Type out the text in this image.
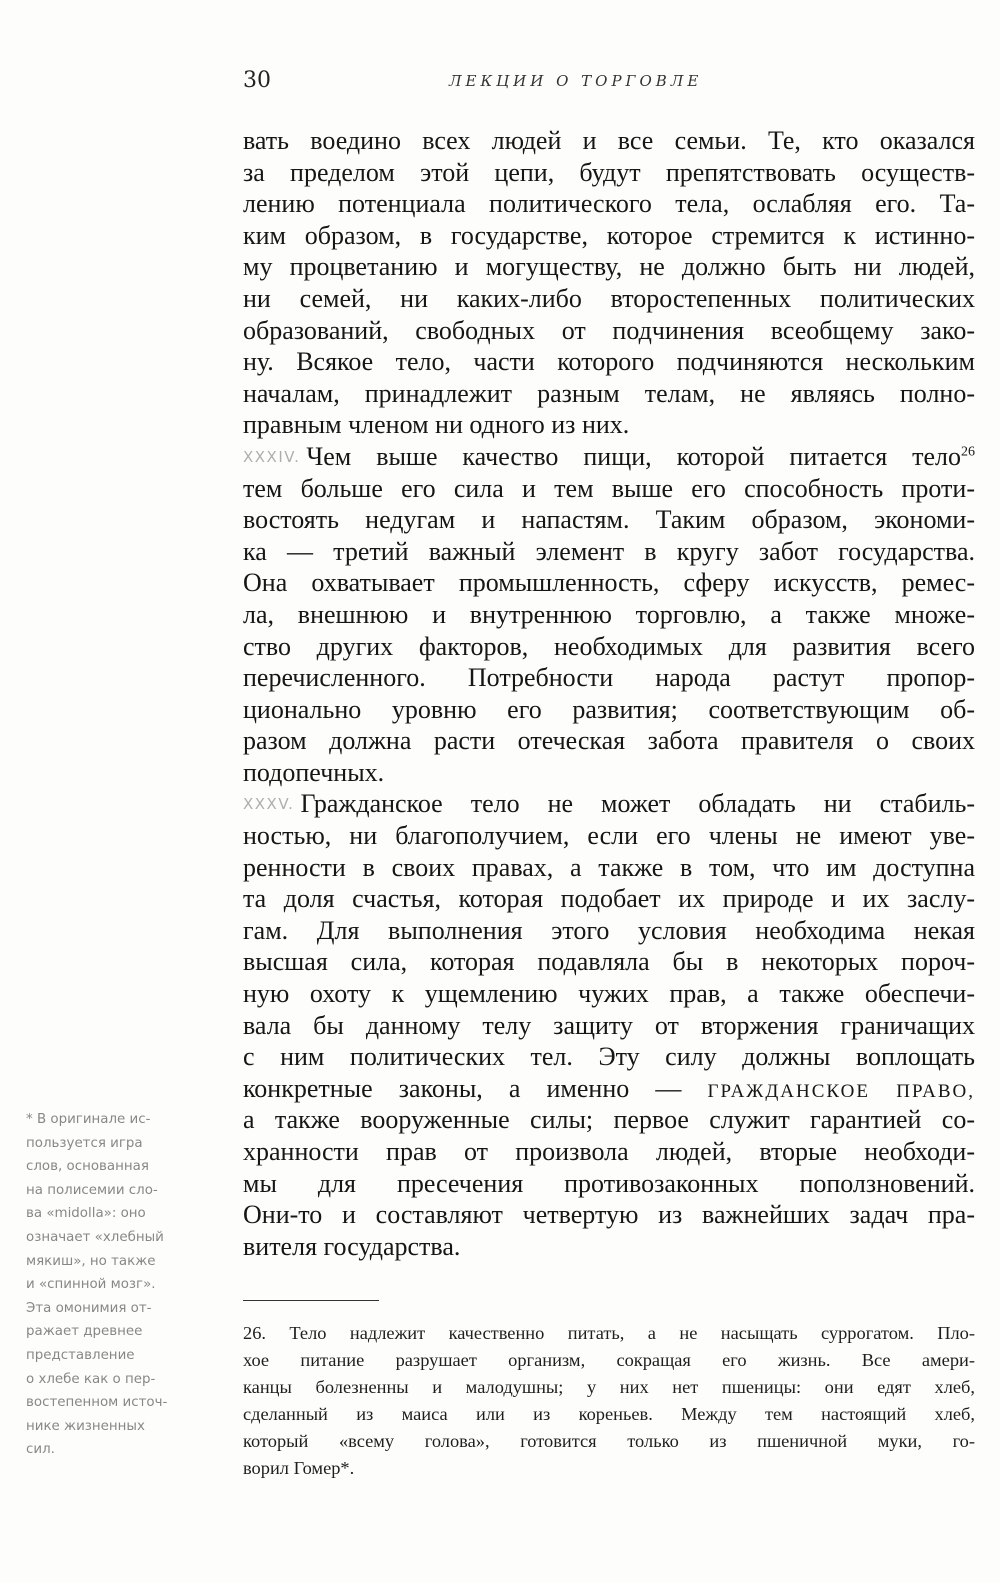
30	ЛЕКЦИИ О ТОРГОВЛЕ
вать воедино всех людей и все семьи. Те, кто оказался
за пределом этой цепи, будут препятствовать осуществ-
лению потенциала политического тела, ослабляя его. Та-
ким образом, в государстве, которое стремится к истинно-
му процветанию и могуществу, не должно быть ни людей,
ни семей, ни каких-либо второстепенных политических
образований, свободных от подчинения всеобщему зако-
ну. Всякое тело, части которого подчиняются нескольким
началам, принадлежит разным телам, не являясь полно-
правным членом ни одного из них.
XXXIV. Чем выше качество пищи, которой питается тело$^{26}$
тем больше его сила и тем выше его способность проти-
востоять недугам и напастям. Таким образом, экономи-
ка — третий важный элемент в кругу забот государства.
Она охватывает промышленность, сферу искусств, ремес-
ла, внешнюю и внутреннюю торговлю, а также множе-
ство других факторов, необходимых для развития всего
перечисленного. Потребности народа растут пропор-
ционально уровню его развития; соответствующим об-
разом должна расти отеческая забота правителя о своих
подопечных.
XXXV. Гражданское тело не может обладать ни стабиль-
ностью, ни благополучием, если его члены не имеют уве-
ренности в своих правах, а также в том, что им доступна
та доля счастья, которая подобает их природе и их заслу-
гам. Для выполнения этого условия необходима некая
высшая сила, которая подавляла бы в некоторых пороч-
ную охоту к ущемлению чужих прав, а также обеспечи-
вала бы данному телу защиту от вторжения граничащих
с ним политических тел. Эту силу должны воплощать
конкретные законы, а именно — ГРАЖДАНСКОЕ ПРАВО,
а также вооруженные силы; первое служит гарантией со-
хранности прав от произвола людей, вторые необходи-
мы для пресечения противозаконных поползновений.
Они-то и составляют четвертую из важнейших задач пра-
вителя государства.
26. Тело надлежит качественно питать, а не насыщать суррогатом. Пло-
хое питание разрушает организм, сокращая его жизнь. Все амери-
канцы болезненны и малодушны; у них нет пшеницы: они едят хлеб,
сделанный из маиса или из кореньев. Между тем настоящий хлеб,
который «всему голова», готовится только из пшеничной муки, го-
ворил Гомер*.
* В оригинале ис-
пользуется игра
слов, основанная
на полисемии сло-
ва «midolla»: оно
означает «хлебный
мякиш», но также
и «спинной мозг».
Эта омонимия от-
ражает древнее
представление
о хлебе как о пер-
востепенном источ-
нике жизненных
сил.
